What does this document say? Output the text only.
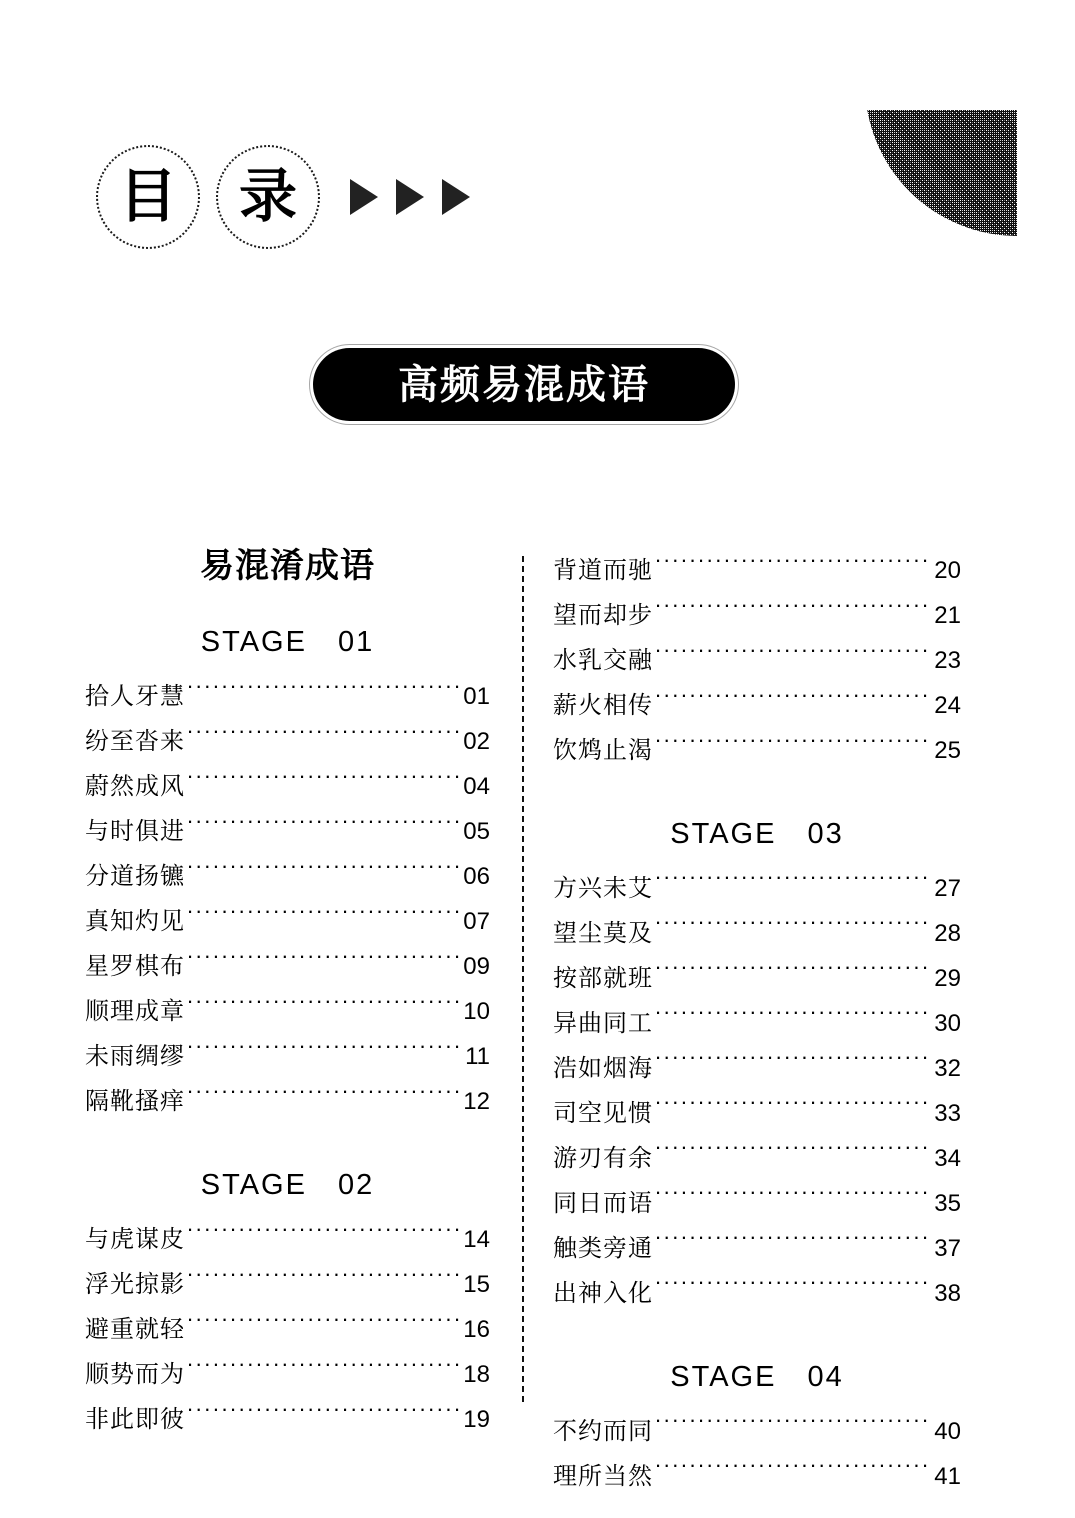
目 录
高频易混成语
易混淆成语
STAGE　01
拾人牙慧 .....	01
纷至沓来 .....	02
蔚然成风 .....	04
与时俱进 .....	05
分道扬镳 .....	06
真知灼见 .....	07
星罗棋布 .....	09
顺理成章 .....	10
未雨绸缪 .....	11
隔靴搔痒 .....	12
STAGE　02
与虎谋皮 .....	14
浮光掠影 .....	15
避重就轻 .....	16
顺势而为 .....	18
非此即彼 .....	19
背道而驰 .....	20
望而却步 .....	21
水乳交融 .....	23
薪火相传 .....	24
饮鸩止渴 .....	25
STAGE　03
方兴未艾 .....	27
望尘莫及 .....	28
按部就班 .....	29
异曲同工 .....	30
浩如烟海 .....	32
司空见惯 .....	33
游刃有余 .....	34
同日而语 .....	35
触类旁通 .....	37
出神入化 .....	38
STAGE　04
不约而同 .....	40
理所当然 .....	41
